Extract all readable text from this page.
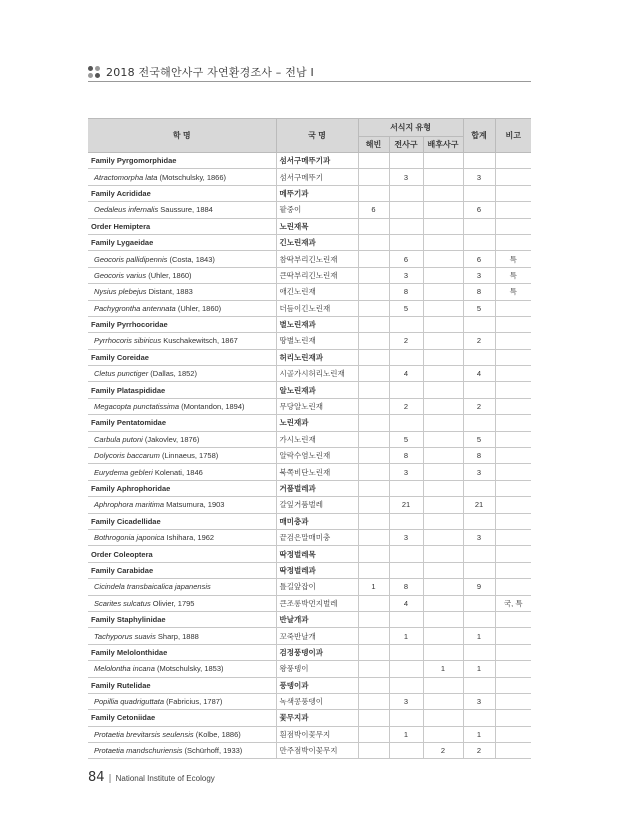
2018 전국해안사구 자연환경조사 – 전남 I
학 명	국 명	서식지 유형			합계	비고
		해빈	전사구	배후사구		
Family Pyrgomorphidae	섬서구메뚜기과					
Atractomorpha lata (Motschulsky, 1866)	섬서구메뚜기		3		3	
Family Acrididae	메뚜기과					
Oedaleus infernalis Saussure, 1884	팥중이	6			6	
Order Hemiptera	노린재목					
Family Lygaeidae	긴노린재과					
Geocoris pallidipennis (Costa, 1843)	참딱부리긴노린재		6		6	특
Geocoris varius (Uhler, 1860)	큰딱부리긴노린재		3		3	특
Nysius plebejus Distant, 1883	애긴노린재		8		8	특
Pachygrontha antennata (Uhler, 1860)	더듬이긴노린재		5		5	
Family Pyrrhocoridae	별노린재과					
Pyrrhocoris sibiricus Kuschakewitsch, 1867	땅별노린재		2		2	
Family Coreidae	허리노린재과					
Cletus punctiger (Dallas, 1852)	시골가시허리노린재		4		4	
Family Plataspididae	알노린재과					
Megacopta punctatissima (Montandon, 1894)	무당알노린재		2		2	
Family Pentatomidae	노린재과					
Carbula putoni (Jakovlev, 1876)	가시노린재		5		5	
Dolycoris baccarum (Linnaeus, 1758)	알락수염노린재		8		8	
Eurydema gebleri Kolenati, 1846	북쪽비단노린재		3		3	
Family Aphrophoridae	거품벌레과					
Aphrophora maritima Matsumura, 1903	갈잎거품벌레		21		21	
Family Cicadellidae	매미충과					
Bothrogonia japonica Ishihara, 1962	끝검은말매미충		3		3	
Order Coleoptera	딱정벌레목					
Family Carabidae	딱정벌레과					
Cicindela transbaicalica japanensis	틀길앞잡이	1	8		9	
Scarites sulcatus Olivier, 1795	큰조롱박먼지벌레		4			국, 특
Family Staphylinidae	반날개과					
Tachyporus suavis Sharp, 1888	꼬죽반날개		1		1	
Family Melolonthidae	검정풍뎅이과					
Melolontha incana (Motschulsky, 1853)	왕풍뎅이			1	1	
Family Rutelidae	풍뎅이과					
Popillia quadriguttata (Fabricius, 1787)	녹색콩풍뎅이		3		3	
Family Cetoniidae	꽃무지과					
Protaetia brevitarsis seulensis (Kolbe, 1886)	흰점박이꽃무지		1		1	
Protaetia mandschuriensis (Schürhoff, 1933)	만주점박이꽃무지			2	2	
84 | National Institute of Ecology
